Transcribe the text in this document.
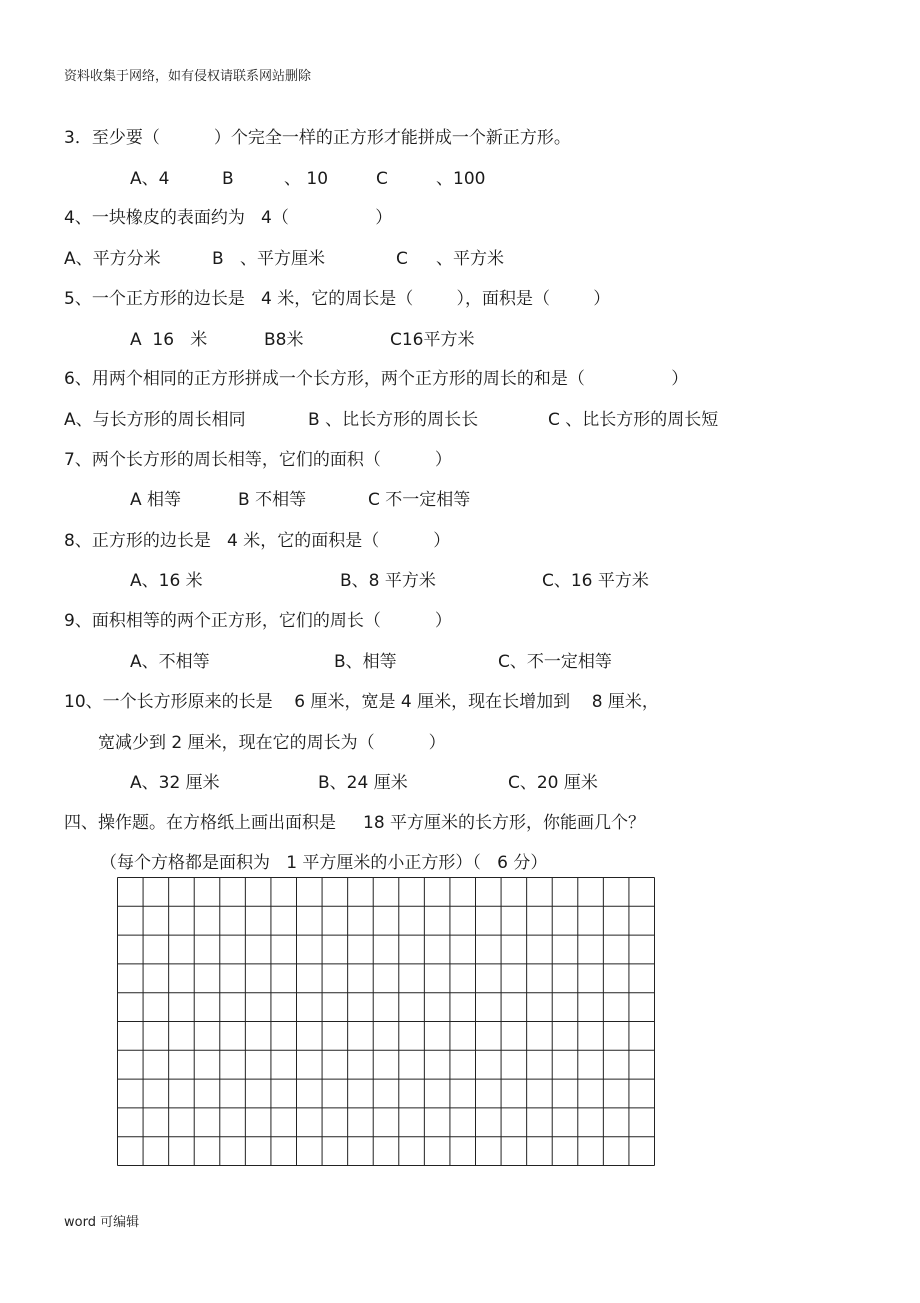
资料收集于网络，如有侵权请联系网站删除
3．至少要（          ）个完全一样的正方形才能拼成一个新正方形。
A、4	B	、 10	C	、100
4、一块橡皮的表面约为   4（                ）
A、平方分米	B 、平方厘米	C 、平方米
5、一个正方形的边长是   4 米，它的周长是（        ），面积是（        ）
A  16   米	B8米	C16平方米
6、用两个相同的正方形拼成一个长方形，两个正方形的周长的和是（                ）
A、与长方形的周长相同	B 、比长方形的周长长	C 、比长方形的周长短
7、两个长方形的周长相等，它们的面积（          ）
A 相等	B 不相等	C 不一定相等
8、正方形的边长是   4 米，它的面积是（          ）
A、16 米	B、8 平方米	C、16 平方米
9、面积相等的两个正方形，它们的周长（          ）
A、不相等	B、相等	C、不一定相等
10、一个长方形原来的长是    6 厘米，宽是 4 厘米，现在长增加到    8 厘米，
宽减少到 2 厘米，现在它的周长为（          ）
A、32 厘米	B、24 厘米	C、20 厘米
四、操作题。在方格纸上画出面积是     18 平方厘米的长方形，你能画几个？
（每个方格都是面积为   1 平方厘米的小正方形）（   6 分）
word 可编辑
